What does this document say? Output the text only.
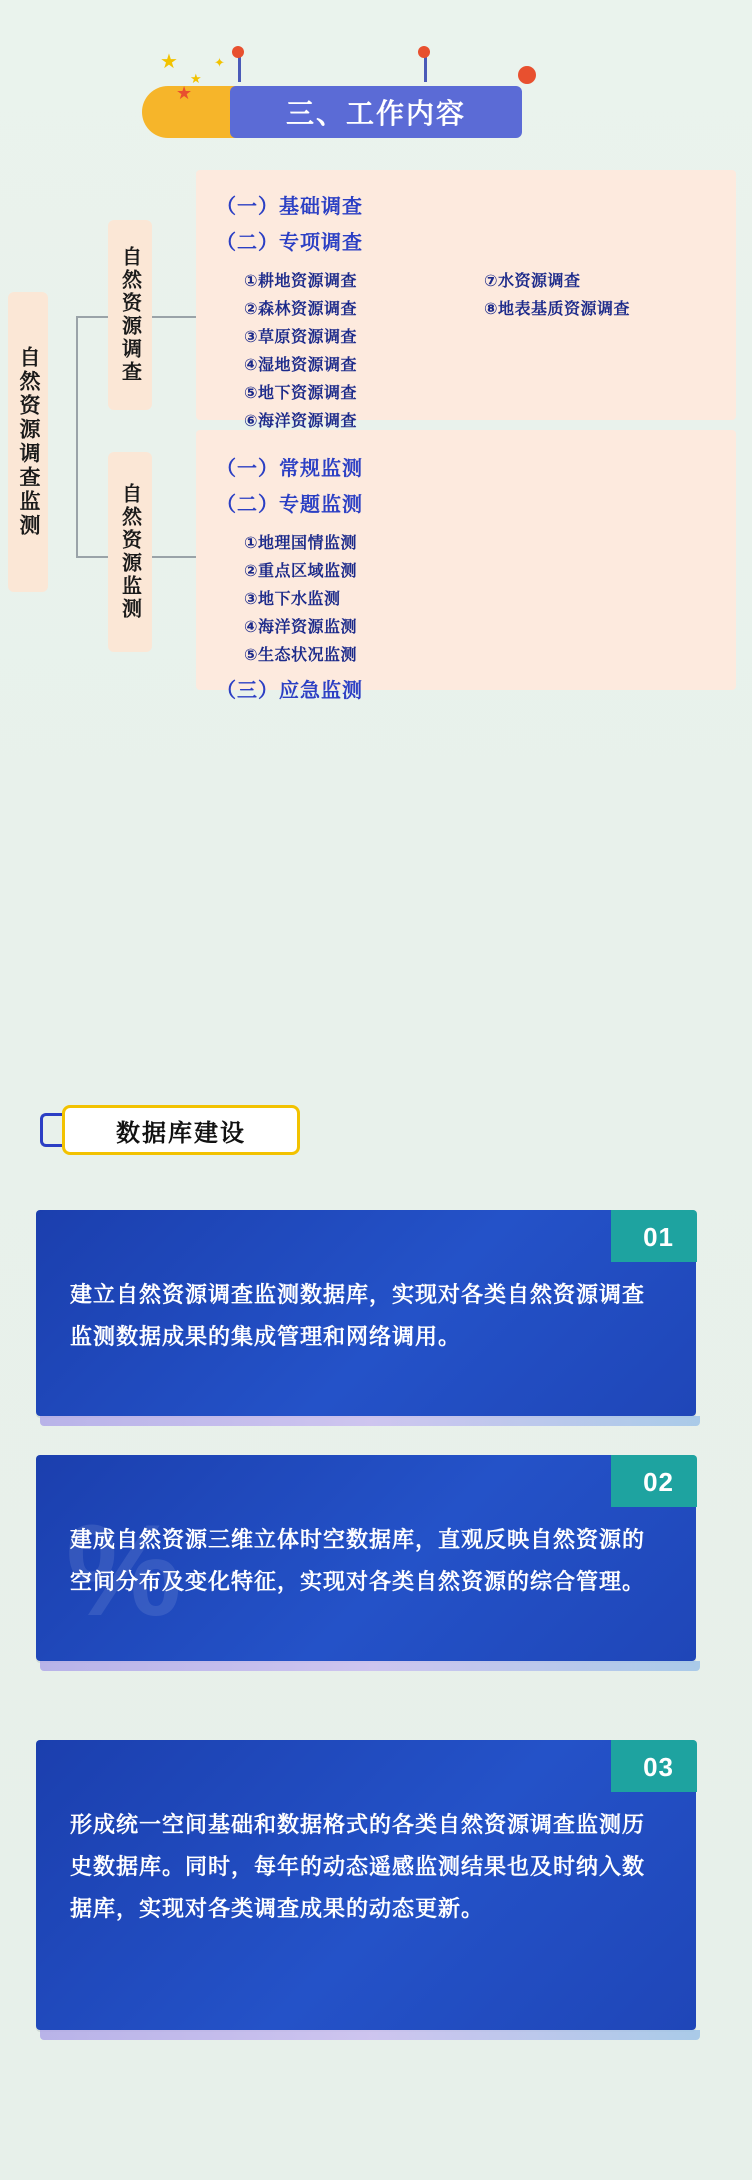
三、工作内容
★
★
★
✦
自然资源调查监测
自然资源调查
（一）基础调查
（二）专项调查
①耕地资源调查
②森林资源调查
③草原资源调查
④湿地资源调查
⑤地下资源调查
⑥海洋资源调查
⑦水资源调查
⑧地表基质资源调查
自然资源监测
（一）常规监测
（二）专题监测
①地理国情监测
②重点区域监测
③地下水监测
④海洋资源监测
⑤生态状况监测
（三）应急监测
数据库建设
01
建立自然资源调查监测数据库，实现对各类自然资源调查监测数据成果的集成管理和网络调用。
02
%
建成自然资源三维立体时空数据库，直观反映自然资源的空间分布及变化特征，实现对各类自然资源的综合管理。
03
形成统一空间基础和数据格式的各类自然资源调查监测历史数据库。同时，每年的动态遥感监测结果也及时纳入数据库，实现对各类调查成果的动态更新。
